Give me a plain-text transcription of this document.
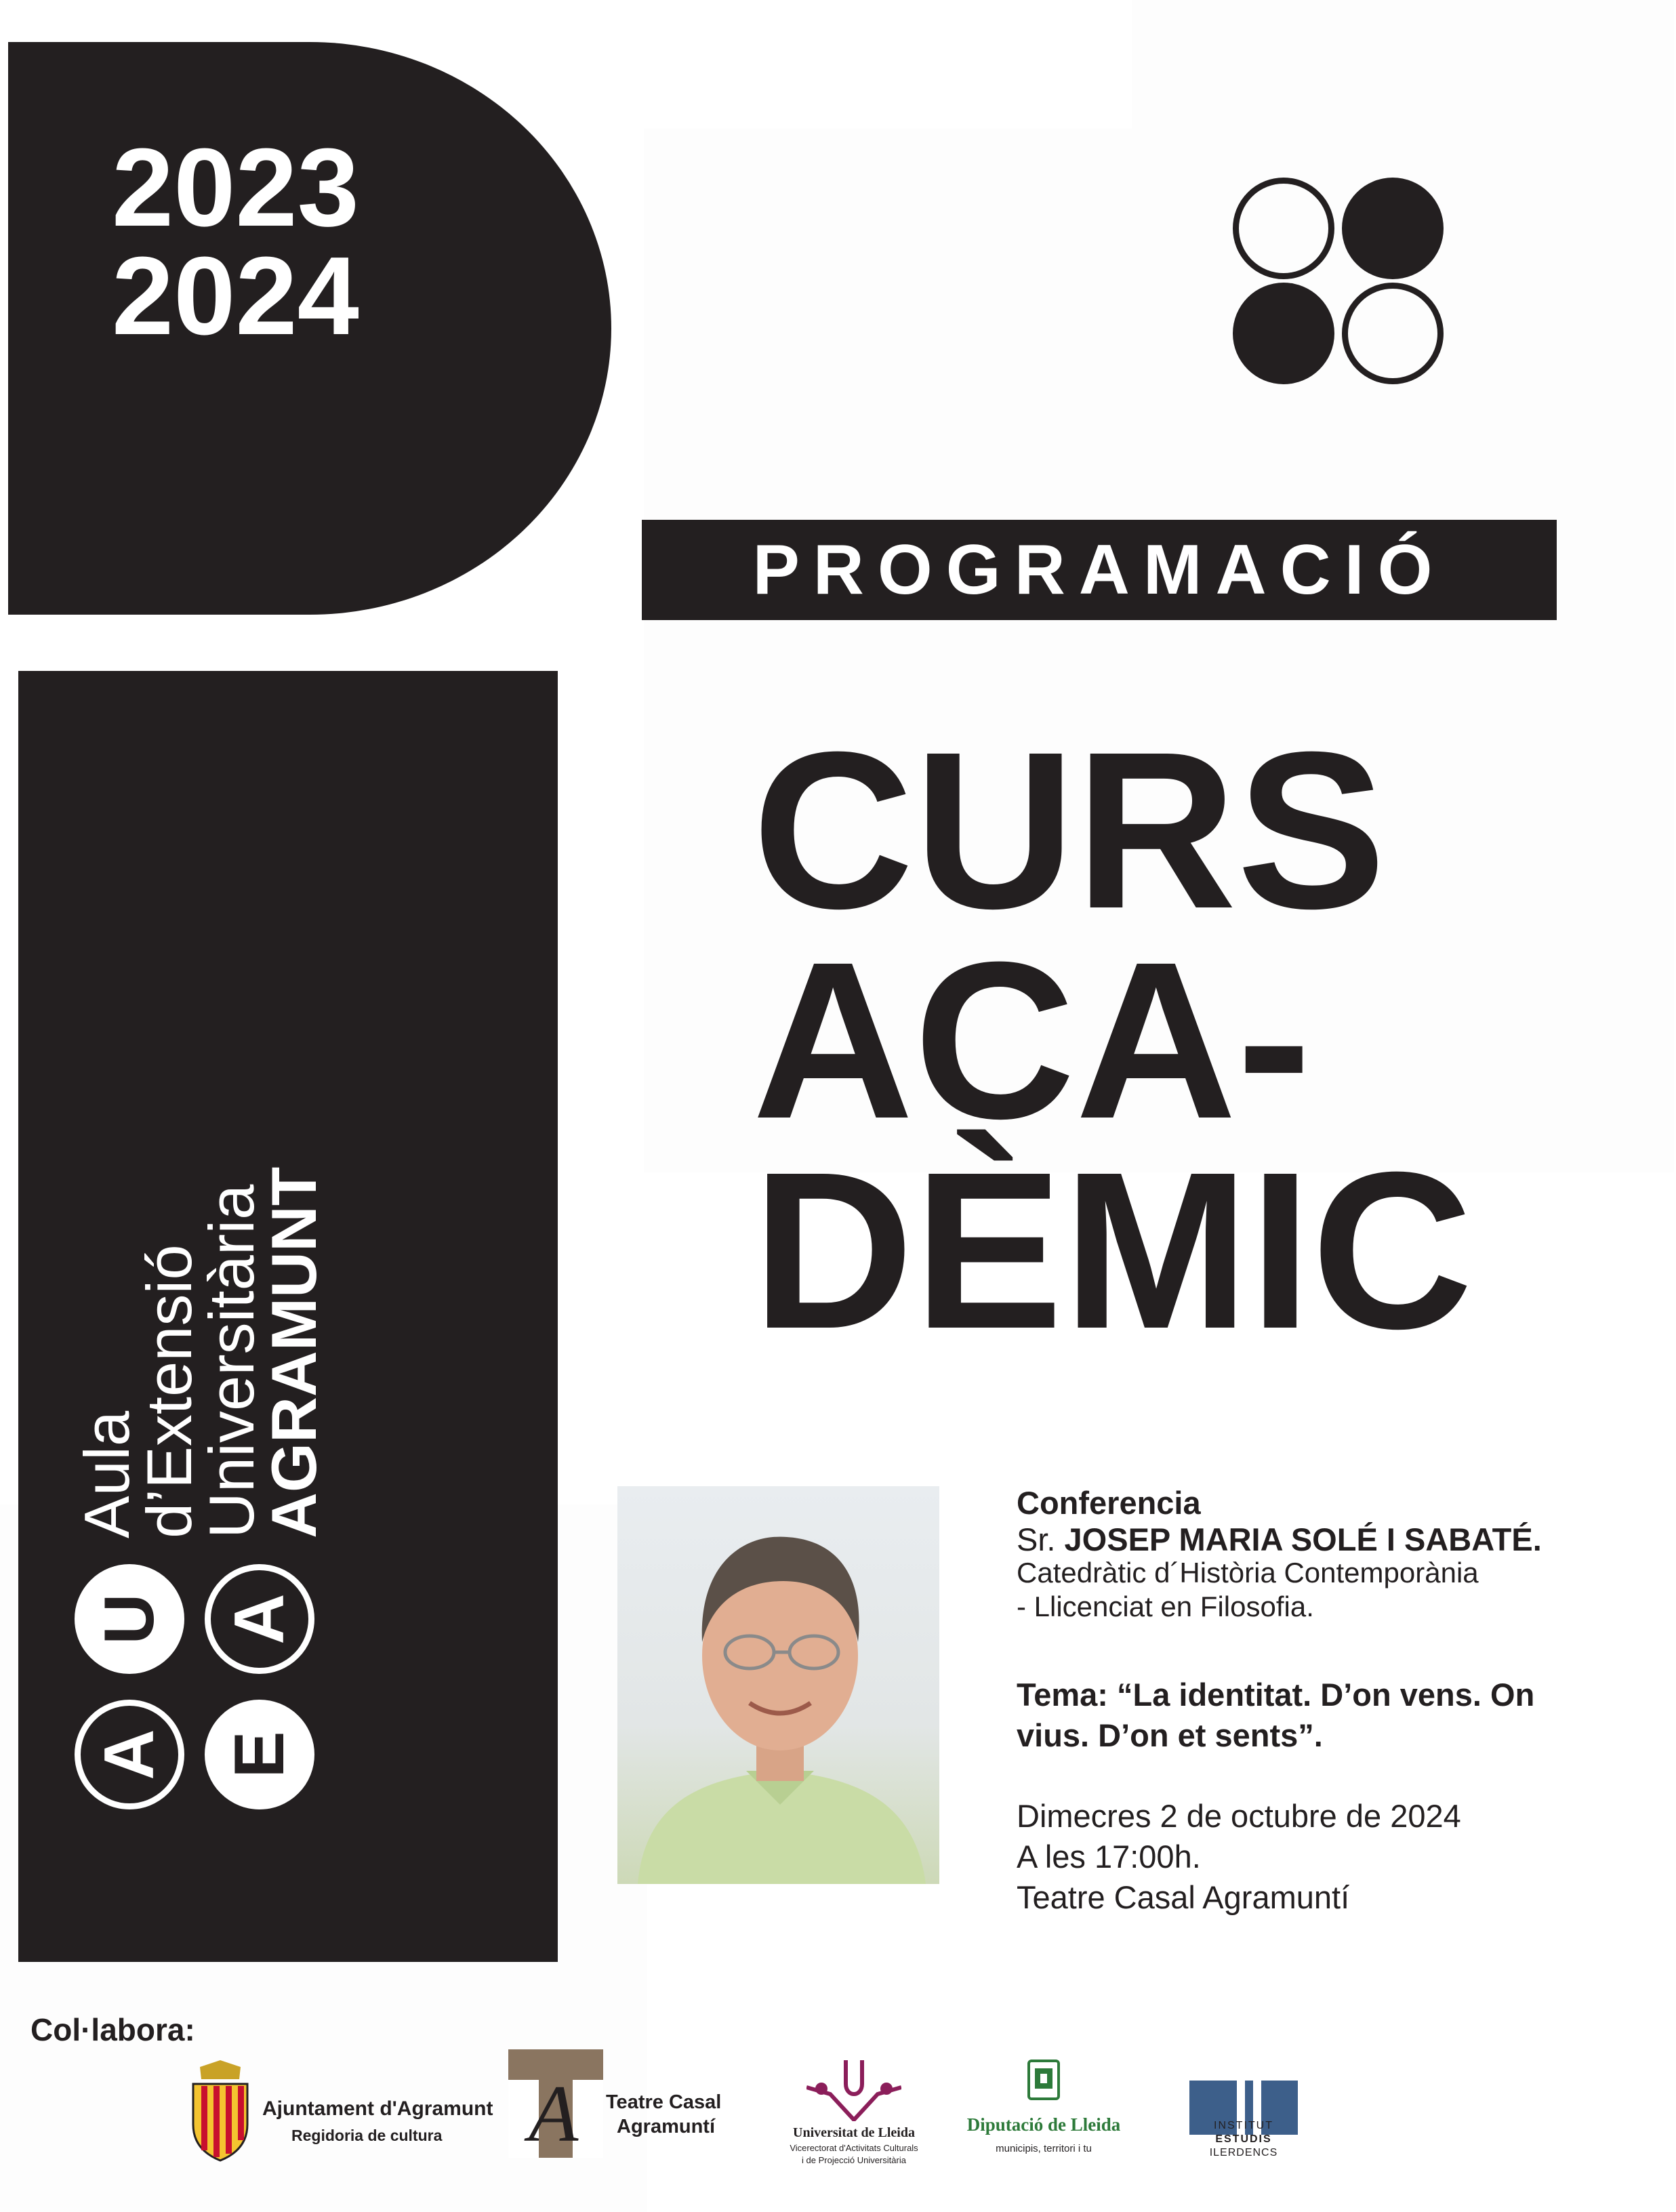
2023
2024
PROGRAMACIÓ
CURS
ACA-
DÈMIC
A E
U A
Aula
d’Extensió
Universitària
AGRAMUNT	Conferencia
Sr. JOSEP MARIA SOLÉ I SABATÉ.
Catedràtic d´Història Contemporània
- Llicenciat en Filosofia.
Tema: “La identitat. D’on vens. On
vius. D’on et sents”.
Dimecres 2 de octubre de 2024
A les 17:00h.
Teatre Casal Agramuntí
Col·labora:
Ajuntament d'Agramunt
Regidoria de cultura A Teatre Casal
Agramuntí	Universitat de Lleida
Vicerectorat d'Activitats Culturals
i de Projecció Universitària
Diputació de Lleida
municipis, territori i tu
INSTITUT
ESTUDIS
ILERDENCS
